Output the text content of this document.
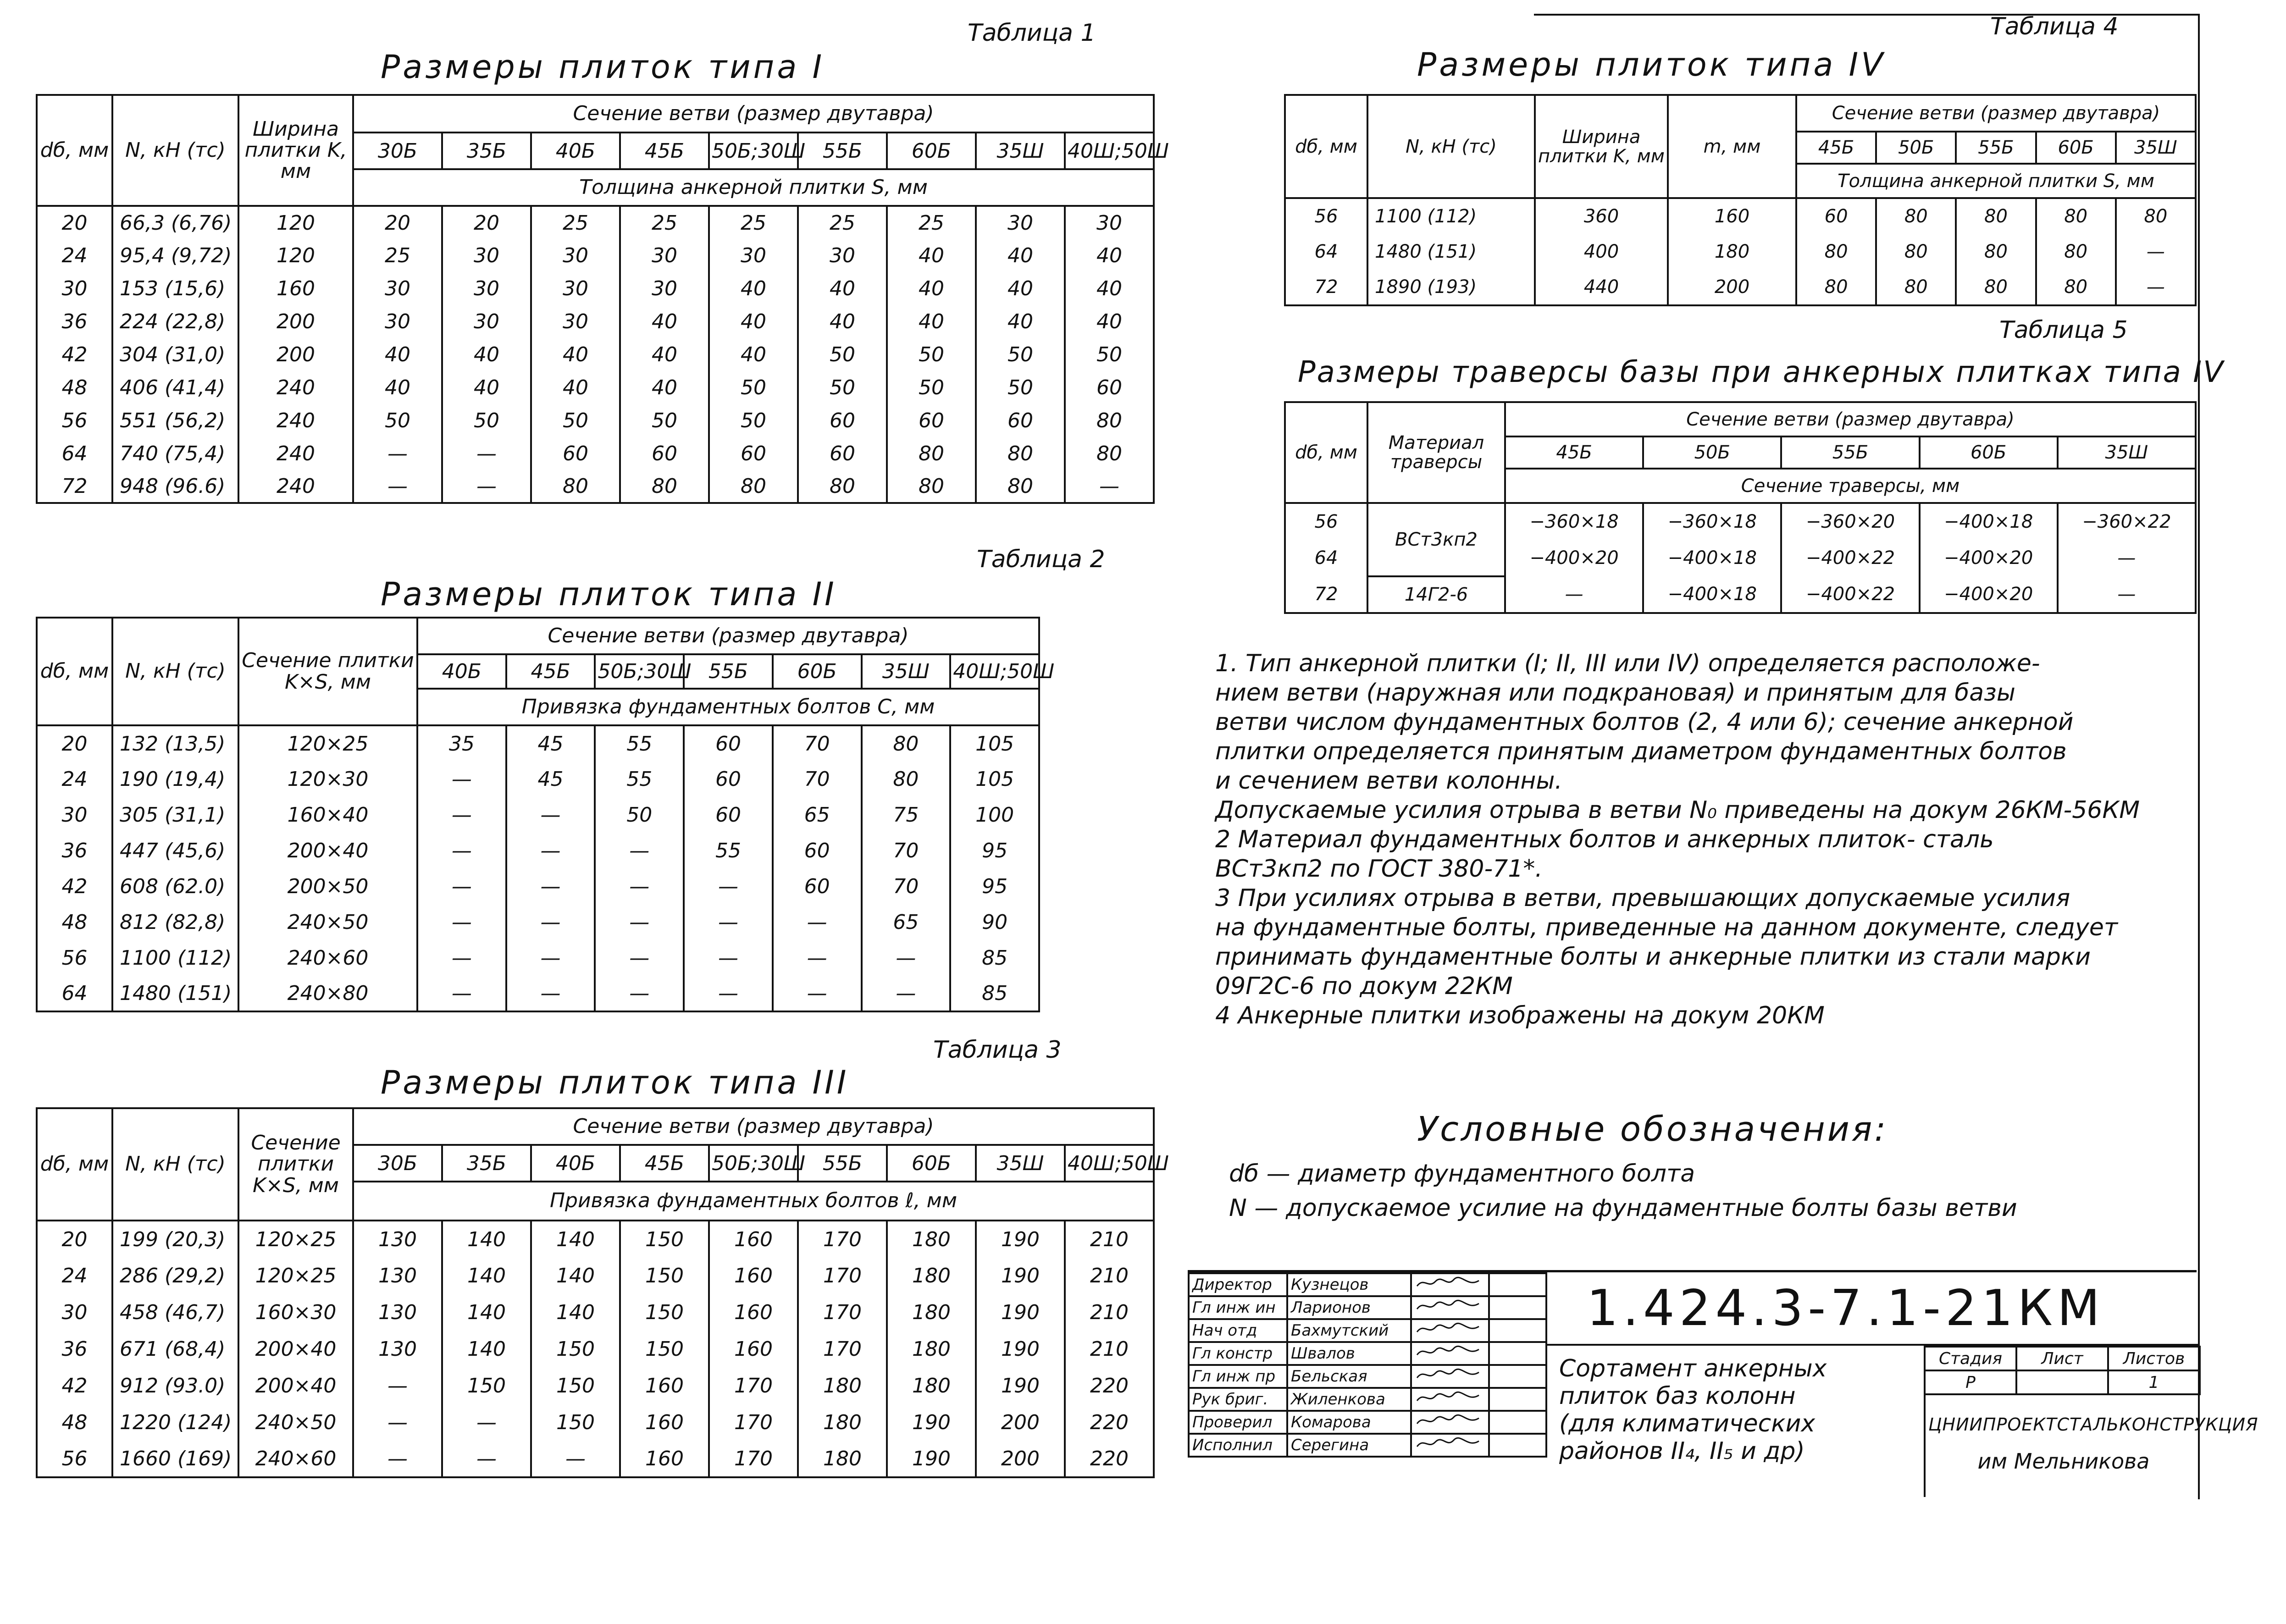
Таблица 1
Размеры плиток типа I
dб, мм	N, кН (тс)	Ширина плитки K, мм	Сечение ветви (размер двутавра)								
			30Б	35Б	40Б	45Б	50Б;30Ш	55Б	60Б	35Ш	40Ш;50Ш
			Толщина анкерной плитки S, мм								
20	66,3 (6,76)	120	20	20	25	25	25	25	25	30	30
24	95,4 (9,72)	120	25	30	30	30	30	30	40	40	40
30	153 (15,6)	160	30	30	30	30	40	40	40	40	40
36	224 (22,8)	200	30	30	30	40	40	40	40	40	40
42	304 (31,0)	200	40	40	40	40	40	50	50	50	50
48	406 (41,4)	240	40	40	40	40	50	50	50	50	60
56	551 (56,2)	240	50	50	50	50	50	60	60	60	80
64	740 (75,4)	240	—	—	60	60	60	60	80	80	80
72	948 (96.6)	240	—	—	80	80	80	80	80	80	—
Таблица 2
Размеры плиток типа II
dб, мм	N, кН (тс)	Сечение плитки K×S, мм	Сечение ветви (размер двутавра)						
			40Б	45Б	50Б;30Ш	55Б	60Б	35Ш	40Ш;50Ш
			Привязка фундаментных болтов C, мм						
20	132 (13,5)	120×25	35	45	55	60	70	80	105
24	190 (19,4)	120×30	—	45	55	60	70	80	105
30	305 (31,1)	160×40	—	—	50	60	65	75	100
36	447 (45,6)	200×40	—	—	—	55	60	70	95
42	608 (62.0)	200×50	—	—	—	—	60	70	95
48	812 (82,8)	240×50	—	—	—	—	—	65	90
56	1100 (112)	240×60	—	—	—	—	—	—	85
64	1480 (151)	240×80	—	—	—	—	—	—	85
Таблица 3
Размеры плиток типа III
dб, мм	N, кН (тс)	Сечение плитки K×S, мм	Сечение ветви (размер двутавра)								
			30Б	35Б	40Б	45Б	50Б;30Ш	55Б	60Б	35Ш	40Ш;50Ш
			Привязка фундаментных болтов ℓ, мм								
20	199 (20,3)	120×25	130	140	140	150	160	170	180	190	210
24	286 (29,2)	120×25	130	140	140	150	160	170	180	190	210
30	458 (46,7)	160×30	130	140	140	150	160	170	180	190	210
36	671 (68,4)	200×40	130	140	150	150	160	170	180	190	210
42	912 (93.0)	200×40	—	150	150	160	170	180	180	190	220
48	1220 (124)	240×50	—	—	150	160	170	180	190	200	220
56	1660 (169)	240×60	—	—	—	160	170	180	190	200	220
Таблица 4
Размеры плиток типа IV
dб, мм	N, кН (тс)	Ширина плитки K, мм	m, мм	Сечение ветви (размер двутавра)				
				45Б	50Б	55Б	60Б	35Ш
				Толщина анкерной плитки S, мм				
56	1100 (112)	360	160	60	80	80	80	80
64	1480 (151)	400	180	80	80	80	80	—
72	1890 (193)	440	200	80	80	80	80	—
Таблица 5
Размеры траверсы базы при анкерных плитках типа IV
dб, мм	Материал траверсы	Сечение ветви (размер двутавра)				
		45Б	50Б	55Б	60Б	35Ш
		Сечение траверсы, мм				
56	ВСт3кп2	−360×18	−360×18	−360×20	−400×18	−360×22
64		−400×20	−400×18	−400×22	−400×20	—
72	14Г2-6	—	−400×18	−400×22	−400×20	—

1. Тип анкерной плитки (I; II, III или IV) определяется расположе-

нием ветви (наружная или подкрановая) и принятым для базы

ветви числом фундаментных болтов (2, 4 или 6); сечение анкерной

плитки определяется принятым диаметром фундаментных болтов

и сечением ветви колонны.

Допускаемые усилия отрыва в ветви N₀ приведены на докум 26КМ-56КМ

2 Материал фундаментных болтов и анкерных плиток- сталь

ВСт3кп2 по ГОСТ 380-71*.

3 При усилиях отрыва в ветви, превышающих допускаемые усилия

на фундаментные болты, приведенные на данном документе, следует

принимать фундаментные болты и анкерные плитки из стали марки

09Г2С-6 по докум 22КМ

4 Анкерные плитки изображены на докум 20КМ

Условные обозначения:
dб — диаметр фундаментного болта
N — допускаемое усилие на фундаментные болты базы ветви
Директор	Кузнецов		
Гл инж ин	Ларионов		
Нач отд	Бахмутский		
Гл констр	Швалов		
Гл инж пр	Бельская		
Рук бриг.	Жиленкова		
Проверил	Комарова		
Исполнил	Серегина		
1.424.3-7.1-21КМ
Сортамент анкерных
плиток баз колонн
(для климатических
районов II₄, II₅ и др)
Стадия	Лист	Листов
Р		1
ЦНИИПРОЕКТСТАЛЬКОНСТРУКЦИЯ
им Мельникова
